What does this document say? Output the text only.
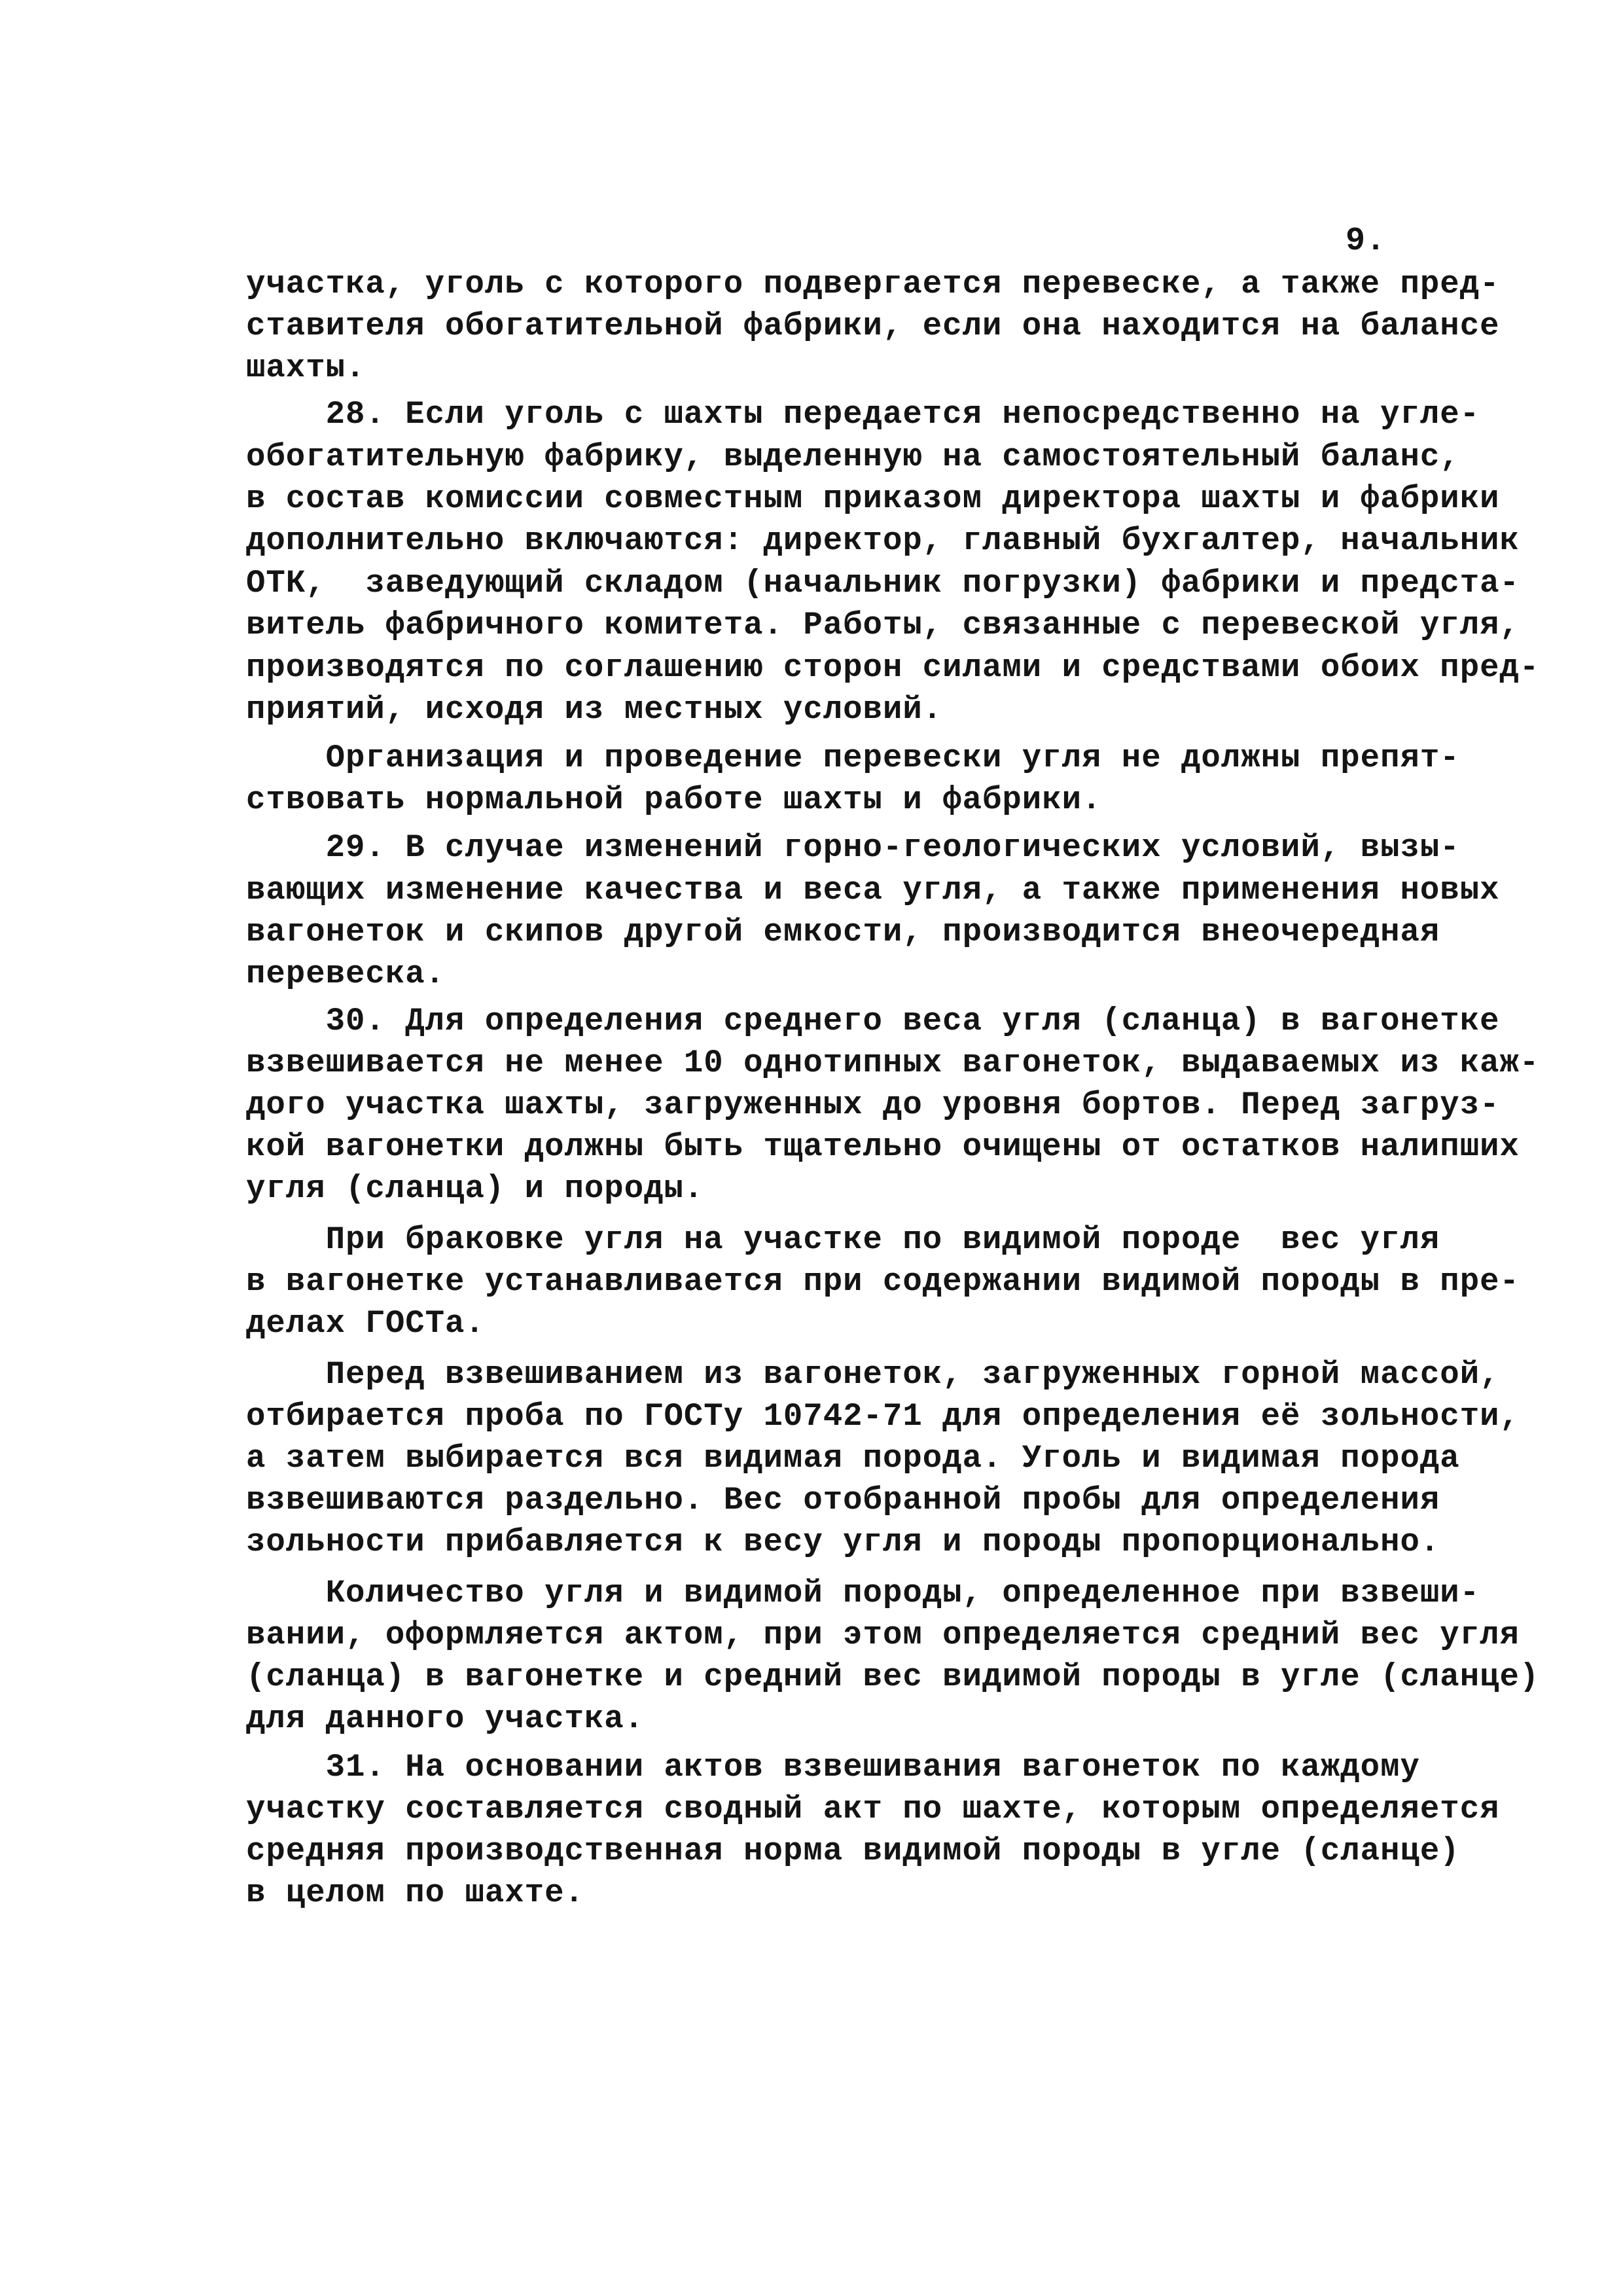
9.
участка, уголь с которого подвергается перевеске, а также пред-
ставителя обогатительной фабрики, если она находится на балансе
шахты.
28. Если уголь с шахты передается непосредственно на угле-
обогатительную фабрику, выделенную на самостоятельный баланс,
в состав комиссии совместным приказом директора шахты и фабрики
дополнительно включаются: директор, главный бухгалтер, начальник
ОТК,  заведующий складом (начальник погрузки) фабрики и предста-
витель фабричного комитета. Работы, связанные с перевеской угля,
производятся по соглашению сторон силами и средствами обоих пред-
приятий, исходя из местных условий.
Организация и проведение перевески угля не должны препят-
ствовать нормальной работе шахты и фабрики.
29. В случае изменений горно-геологических условий, вызы-
вающих изменение качества и веса угля, а также применения новых
вагонеток и скипов другой емкости, производится внеочередная
перевеска.
30. Для определения среднего веса угля (сланца) в вагонетке
взвешивается не менее 10 однотипных вагонеток, выдаваемых из каж-
дого участка шахты, загруженных до уровня бортов. Перед загруз-
кой вагонетки должны быть тщательно очищены от остатков налипших
угля (сланца) и породы.
При браковке угля на участке по видимой породе  вес угля
в вагонетке устанавливается при содержании видимой породы в пре-
делах ГОСТа.
Перед взвешиванием из вагонеток, загруженных горной массой,
отбирается проба по ГОСТу 10742-71 для определения её зольности,
а затем выбирается вся видимая порода. Уголь и видимая порода
взвешиваются раздельно. Вес отобранной пробы для определения
зольности прибавляется к весу угля и породы пропорционально.
Количество угля и видимой породы, определенное при взвеши-
вании, оформляется актом, при этом определяется средний вес угля
(сланца) в вагонетке и средний вес видимой породы в угле (сланце)
для данного участка.
31. На основании актов взвешивания вагонеток по каждому
участку составляется сводный акт по шахте, которым определяется
средняя производственная норма видимой породы в угле (сланце)
в целом по шахте.
